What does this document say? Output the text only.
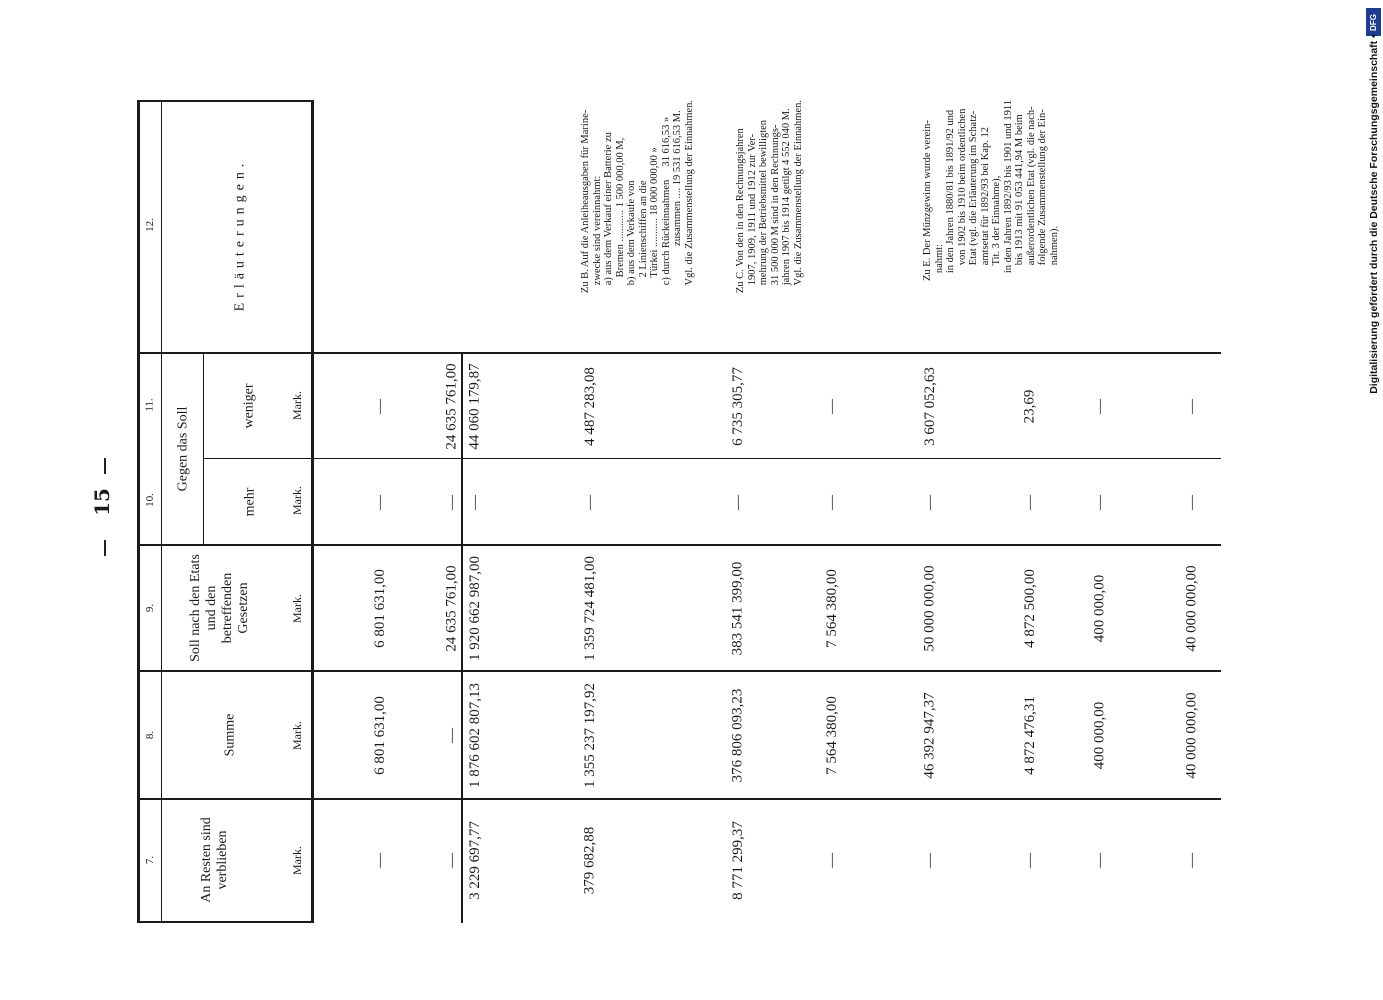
15
7.
8.
9.
10.
11.
12.
An Resten sind verblieben
Summe
Soll nach den Etats und den betreffenden Gesetzen
Gegen das Soll
mehr
weniger
Erläuterungen.
Mark.
Mark.
Mark.
Mark.
Mark.
—
6 801 631,00
6 801 631,00
—
—
—
—
24 635 761,00
—
24 635 761,00
3 229 697,77
1 876 602 807,13
1 920 662 987,00
—
44 060 179,87
379 682,88
1 355 237 197,92
1 359 724 481,00
—
4 487 283,08
8 771 299,37
376 806 093,23
383 541 399,00
—
6 735 305,77
—
7 564 380,00
7 564 380,00
—
—
—
46 392 947,37
50 000 000,00
—
3 607 052,63
—
4 872 476,31
4 872 500,00
—
23,69
—
400 000,00
400 000,00
—
—
—
40 000 000,00
40 000 000,00
—
—
Zu B. Auf die Anleiheausgaben für Marine-
zwecke sind vereinnahmt:
a) aus dem Verkauf einer Batterie zu
Bremen ............ 1 500 000,00 M,
b) aus dem Verkaufe von
2 Linienschiffen an die
Türkei ........... 18 000 000,00 »
c) durch Rückeinnahmen     31 616,53 »
zusammen .... 19 531 616,53 M.
Vgl. die Zusammenstellung der Einnahmen.
Zu C. Von den in den Rechnungsjahren
1907, 1909, 1911 und 1912 zur Ver-
mehrung der Betriebsmittel bewilligten
31 500 000 M sind in den Rechnungs-
jahren 1907 bis 1914 getilgt 4 552 040 M.
Vgl. die Zusammenstellung der Einnahmen.
Zu E. Der Münzgewinn wurde verein-
nahmt:
in den Jahren 1880/81 bis 1891/92 und
von 1902 bis 1910 beim ordentlichen
Etat (vgl. die Erläuterung im Schatz-
amtsetat für 1892/93 bei Kap. 12
Tit. 3 der Einnahme),
in den Jahren 1892/93 bis 1901 und 1911
bis 1913 mit 91 053 441,94 M beim
außerordentlichen Etat (vgl. die nach-
folgende Zusammenstellung der Ein-
nahmen).
DFG
Digitalisierung gefördert durch die Deutsche Forschungsgemeinschaft •
